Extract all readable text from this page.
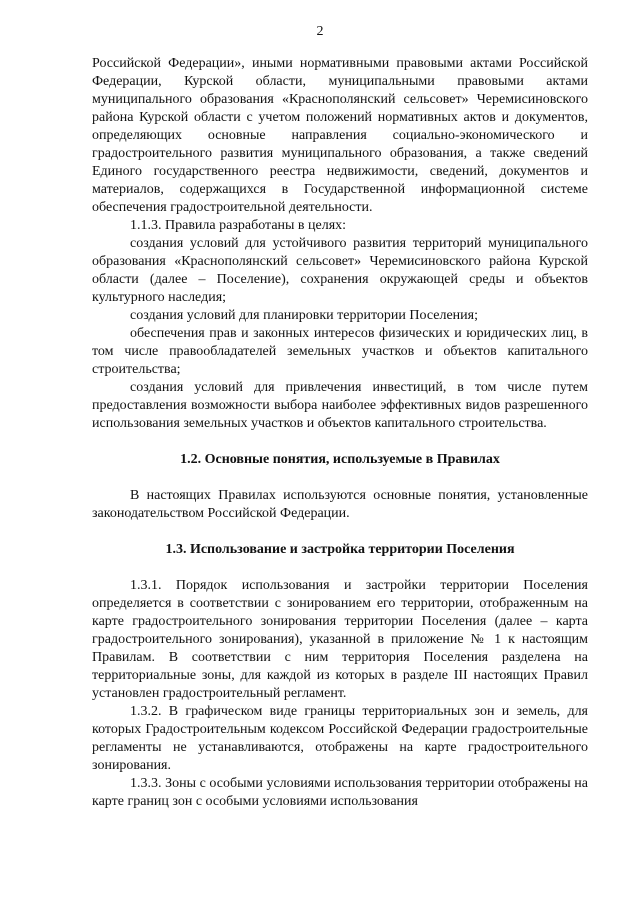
2

Российской Федерации», иными нормативными правовыми актами Российской Федерации, Курской области, муниципальными правовыми актами муниципального образования «Краснополянский сельсовет» Черемисиновского района Курской области с учетом положений нормативных актов и документов, определяющих основные направления социально-экономического и градостроительного развития муниципального образования, а также сведений Единого государственного реестра недвижимости, сведений, документов и материалов, содержащихся в Государственной информационной системе обеспечения градостроительной деятельности.

1.1.3. Правила разработаны в целях:

создания условий для устойчивого развития территорий муниципального образования «Краснополянский сельсовет» Черемисиновского района Курской области (далее – Поселение), сохранения окружающей среды и объектов культурного наследия;

создания условий для планировки территории Поселения;

обеспечения прав и законных интересов физических и юридических лиц, в том числе правообладателей земельных участков и объектов капитального строительства;

создания условий для привлечения инвестиций, в том числе путем предоставления возможности выбора наиболее эффективных видов разрешенного использования земельных участков и объектов капитального строительства.

1.2. Основные понятия, используемые в Правилах

В настоящих Правилах используются основные понятия, установленные законодательством Российской Федерации.

1.3. Использование и застройка территории Поселения

1.3.1. Порядок использования и застройки территории Поселения определяется в соответствии с зонированием его территории, отображенным на карте градостроительного зонирования территории Поселения (далее – карта градостроительного зонирования), указанной в приложение № 1 к настоящим Правилам. В соответствии с ним территория Поселения разделена на территориальные зоны, для каждой из которых в разделе III настоящих Правил установлен градостроительный регламент.

1.3.2. В графическом виде границы территориальных зон и земель, для которых Градостроительным кодексом Российской Федерации градостроительные регламенты не устанавливаются, отображены на карте градостроительного зонирования.

1.3.3. Зоны с особыми условиями использования территории отображены на карте границ зон с особыми условиями использования
